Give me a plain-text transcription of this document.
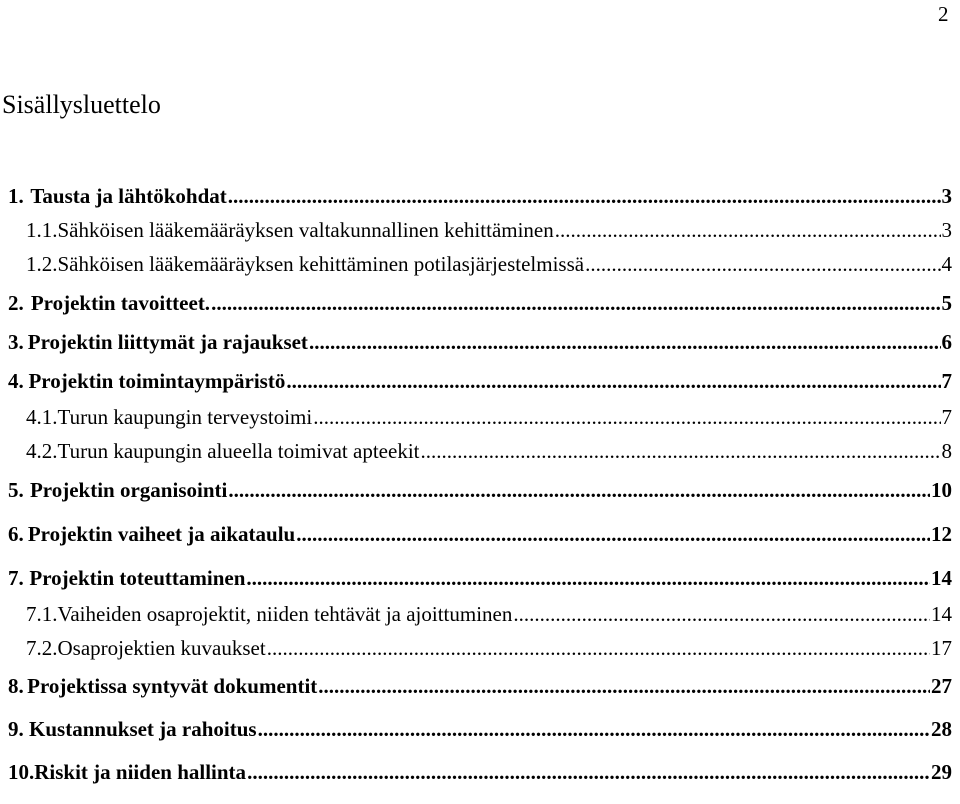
2
Sisällysluettelo
1. Tausta ja lähtökohdat .....	3
1.1. Sähköisen lääkemääräyksen valtakunnallinen kehittäminen .....	3
1.2. Sähköisen lääkemääräyksen kehittäminen potilasjärjestelmissä .....	4
2. Projektin tavoitteet. .....	5
3. Projektin liittymät ja rajaukset .....	6
4. Projektin toimintaympäristö .....	7
4.1. Turun kaupungin terveystoimi .....	7
4.2. Turun kaupungin alueella toimivat apteekit .....	8
5. Projektin organisointi .....	10
6. Projektin vaiheet ja aikataulu .....	12
7. Projektin toteuttaminen .....	14
7.1. Vaiheiden osaprojektit, niiden tehtävät ja ajoittuminen .....	14
7.2. Osaprojektien kuvaukset .....	17
8. Projektissa syntyvät dokumentit .....	27
9. Kustannukset ja rahoitus .....	28
10. Riskit ja niiden hallinta .....	29
